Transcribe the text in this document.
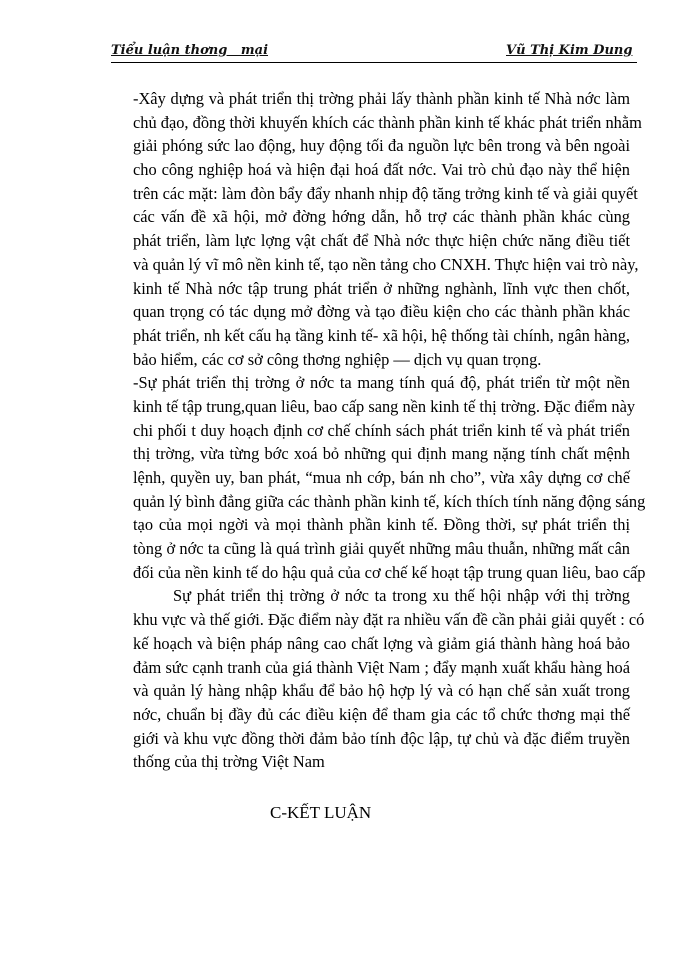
Tiểu luận thơng   mại	Vũ Thị Kim Dung
-Xây dựng và phát triển thị trờng phải lấy thành phần kinh tế Nhà nớc làm
chủ đạo, đồng thời khuyến khích các thành phần kinh tế khác phát triển nhằm
giải phóng sức lao động, huy động tối đa nguồn lực bên trong và bên ngoài
cho công nghiệp hoá và hiện đại hoá đất nớc. Vai trò chủ đạo này thể hiện
trên các mặt: làm đòn bẩy đẩy nhanh nhịp độ tăng trởng kinh tế và giải quyết
các vấn đề xã hội, mở đờng hớng dẫn, hỗ trợ các thành phần khác cùng
phát triển, làm lực lợng vật chất để Nhà nớc thực hiện chức năng điều tiết
và quản lý vĩ mô nền kinh tế, tạo nền tảng cho CNXH. Thực hiện vai trò này,
kinh tế Nhà nớc tập trung phát triển ở những nghành, lĩnh vực then chốt,
quan trọng có tác dụng mở đờng và tạo điều kiện cho các thành phần khác
phát triển, nh kết cấu hạ tầng kinh tế- xã hội, hệ thống tài chính, ngân hàng,
bảo hiểm, các cơ sở công thơng nghiệp — dịch vụ quan trọng.
-Sự phát triển thị trờng ở nớc ta mang tính quá độ, phát triển từ một nền
kinh tế tập trung,quan liêu, bao cấp sang nền kinh tế thị trờng. Đặc điểm này
chi phối t duy hoạch định cơ chế chính sách phát triển kinh tế và phát triển
thị trờng, vừa từng bớc xoá bỏ những qui định mang nặng tính chất mệnh
lệnh, quyền uy, ban phát, “mua nh cớp, bán nh cho”, vừa xây dựng cơ chế
quản lý bình đẳng giữa các thành phần kinh tế, kích thích tính năng động sáng
tạo của mọi ngời và mọi thành phần kinh tế. Đồng thời, sự phát triển thị
tòng ở nớc ta cũng là quá trình giải quyết những mâu thuẫn, những mất cân
đối của nền kinh tế do hậu quả của cơ chế kế hoạt tập trung quan liêu, bao cấp
Sự phát triển thị trờng ở nớc ta trong xu thế hội nhập với thị trờng
khu vực và thế giới. Đặc điểm này đặt ra nhiều vấn đề cần phải giải quyết : có
kế hoạch và biện pháp nâng cao chất lợng và giảm giá thành hàng hoá bảo
đảm sức cạnh tranh của giá thành Việt Nam ; đẩy mạnh xuất khẩu hàng hoá
và quản lý hàng nhập khẩu để bảo hộ hợp lý và có hạn chế sản xuất trong
nớc, chuẩn bị đầy đủ các điều kiện để tham gia các tổ chức thơng mại thế
giới và khu vực đồng thời đảm bảo tính độc lập, tự chủ và đặc điểm truyền
thống của thị trờng Việt Nam
C-KẾT LUẬN
